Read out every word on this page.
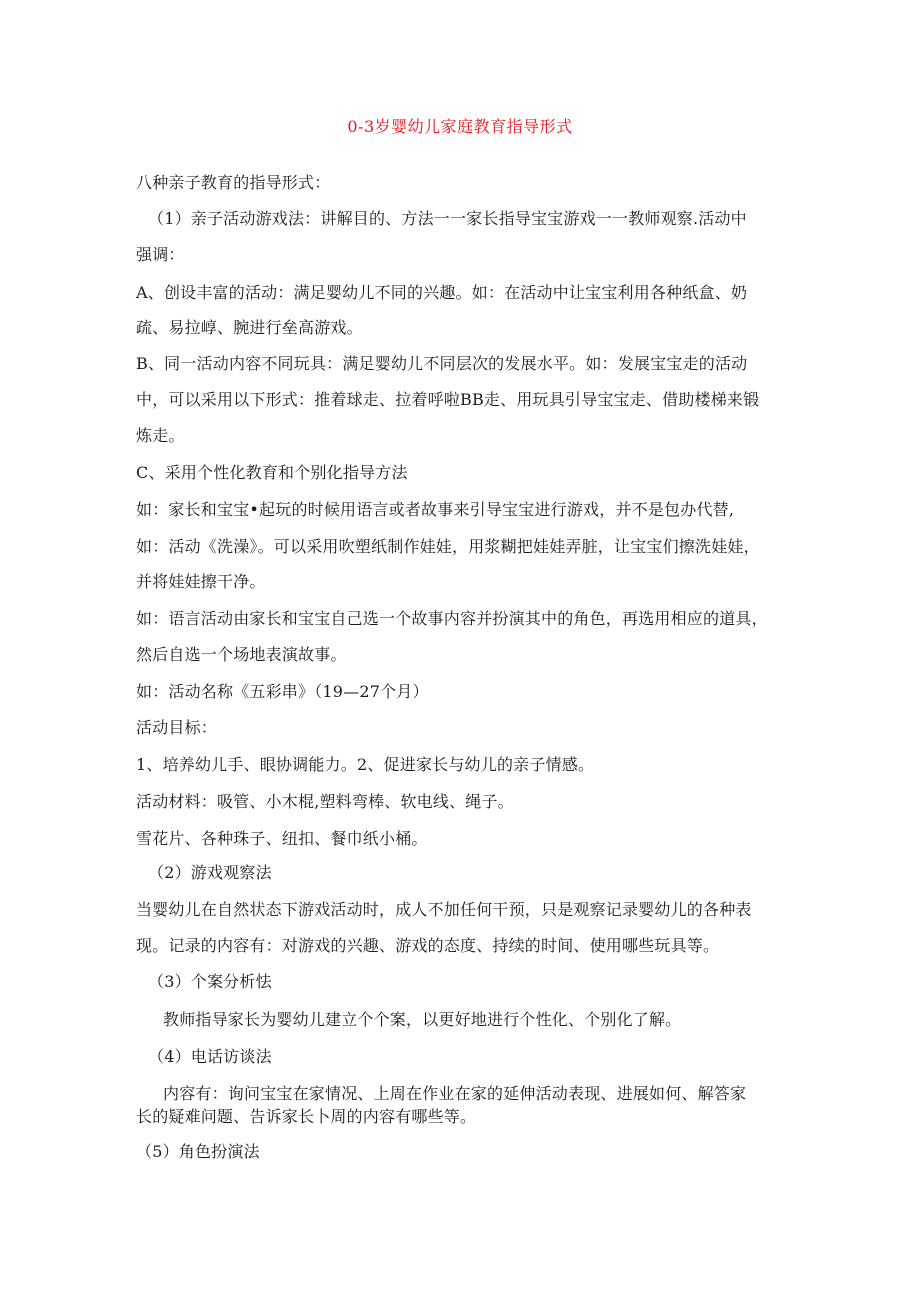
0-3岁婴幼儿家庭教育指导形式
八种亲子教育的指导形式：
（1）亲子活动游戏法：讲解目的、方法一一家长指导宝宝游戏一一教师观察.活动中
强调：
A、创设丰富的活动：满足婴幼儿不同的兴趣。如：在活动中让宝宝利用各种纸盒、奶
疏、易拉崞、腕进行垒高游戏。
B、同一活动内容不同玩具：满足婴幼儿不同层次的发展水平。如：发展宝宝走的活动
中，可以采用以下形式：推着球走、拉着呼啦BB走、用玩具引导宝宝走、借助楼梯来锻
炼走。
C、采用个性化教育和个别化指导方法
如：家长和宝宝•起玩的时候用语言或者故事来引导宝宝进行游戏，并不是包办代替,
如：活动《洗澡》。可以采用吹塑纸制作娃娃，用浆糊把娃娃弄脏，让宝宝们擦洗娃娃，
并将娃娃擦干净。
如：语言活动由家长和宝宝自己选一个故事内容并扮演其中的角色，再选用相应的道具，
然后自选一个场地表演故事。
如：活动名称《五彩串》（19—27个月）
活动目标：
1、培养幼儿手、眼协调能力。2、促进家长与幼儿的亲子情感。
活动材料：吸管、小木棍,塑料弯棒、软电线、绳子。
雪花片、各种珠子、纽扣、餐巾纸小桶。
（2）游戏观察法
当婴幼儿在自然状态下游戏活动时，成人不加任何干预，只是观察记录婴幼儿的各种表
现。记录的内容有：对游戏的兴趣、游戏的态度、持续的时间、使用哪些玩具等。
（3）个案分析怯
教师指导家长为婴幼儿建立个个案，以更好地进行个性化、个别化了解。
（4）电话访谈法
内容有：询问宝宝在家情况、上周在作业在家的延伸活动表现、进展如何、解答家
长的疑难问题、告诉家长卜周的内容有哪些等。
（5）角色扮演法
